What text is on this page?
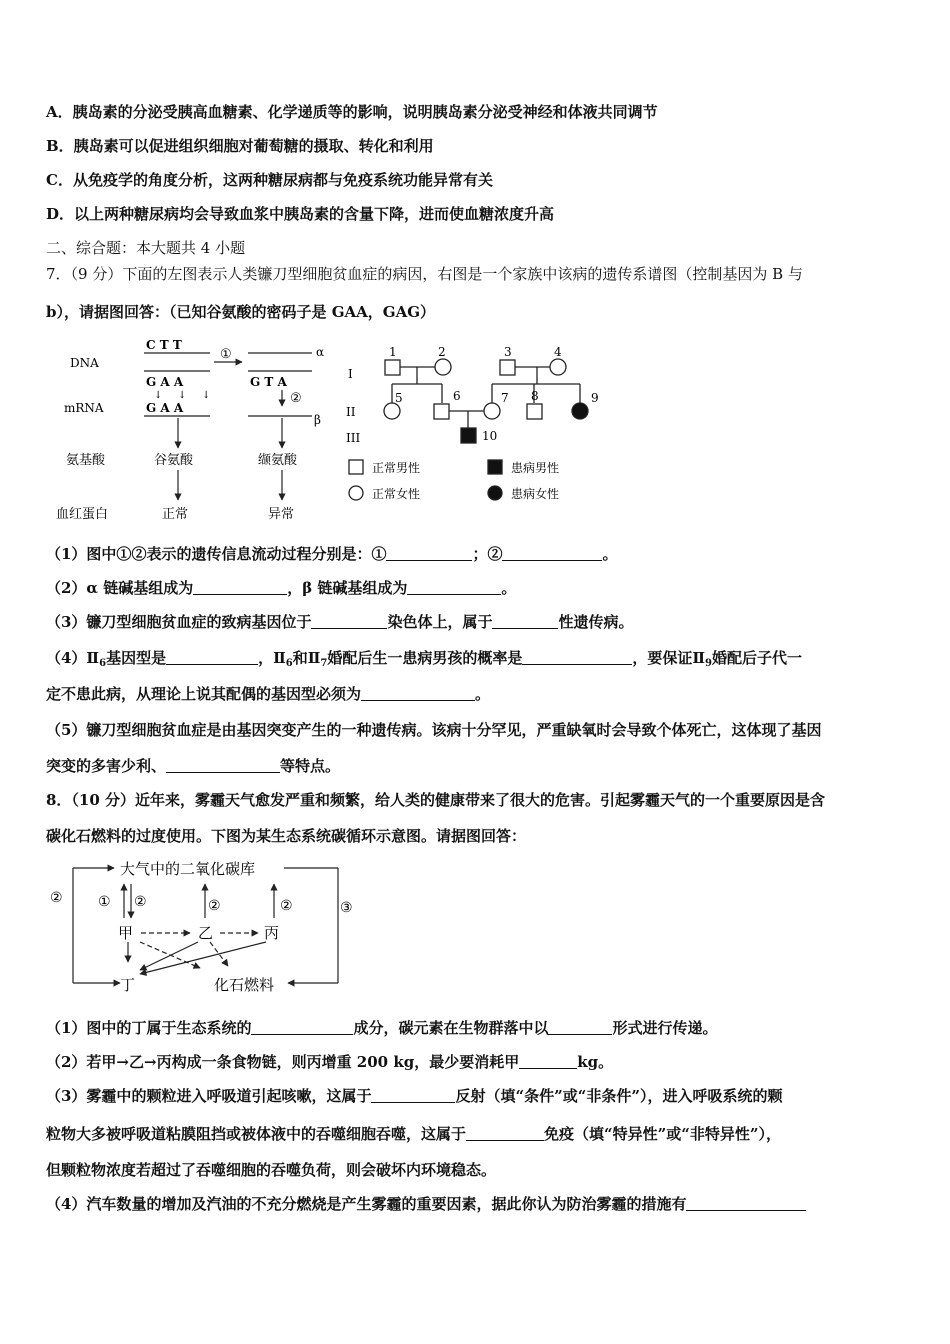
A．胰岛素的分泌受胰高血糖素、化学递质等的影响，说明胰岛素分泌受神经和体液共同调节
B．胰岛素可以促进组织细胞对葡萄糖的摄取、转化和利用
C．从免疫学的角度分析，这两种糖尿病都与免疫系统功能异常有关
D．以上两种糖尿病均会导致血浆中胰岛素的含量下降，进而使血糖浓度升高
二、综合题：本大题共 4 小题
7．（9 分）下面的左图表示人类镰刀型细胞贫血症的病因，右图是一个家族中该病的遗传系谱图（控制基因为 B 与
b），请据图回答：（已知谷氨酸的密码子是 GAA，GAG）
DNA
mRNA
氨基酸
血红蛋白
C T T
G A A
↓ ↓ ↓
G A A
谷氨酸
正常
①	α
G T A
②
β
缬氨酸
异常
I
II
III
1	2	3	4
5	6	7 8	9
10
正常男性	患病男性
正常女性	患病女性
（1）图中①②表示的遗传信息流动过程分别是：①	；②	。
（2）α 链碱基组成为	，β 链碱基组成为	。
（3）镰刀型细胞贫血症的致病基因位于	染色体上，属于	性遗传病。
$(4)Ⅱ_6$基因型是	，$Ⅱ_6$和$Ⅱ_7$婚配后生一患病男孩的概率是	，要保证$Ⅱ_9$婚配后子代一
定不患此病，从理论上说其配偶的基因型必须为	。
（5）镰刀型细胞贫血症是由基因突变产生的一种遗传病。该病十分罕见，严重缺氧时会导致个体死亡，这体现了基因
突变的多害少利、	等特点。
8．（10 分）近年来，雾霾天气愈发严重和频繁，给人类的健康带来了很大的危害。引起雾霾天气的一个重要原因是含
碳化石燃料的过度使用。下图为某生态系统碳循环示意图。请据图回答：
大气中的二氧化碳库
甲	乙	丙
丁	化石燃料
②	① ②	②	②	③
（1）图中的丁属于生态系统的	成分，碳元素在生物群落中以	形式进行传递。
（2）若甲→乙→丙构成一条食物链，则丙增重 200 kg，最少要消耗甲	kg。
（3）雾霾中的颗粒进入呼吸道引起咳嗽，这属于	反射（填“条件”或“非条件”），进入呼吸系统的颗
粒物大多被呼吸道粘膜阻挡或被体液中的吞噬细胞吞噬，这属于	免疫（填“特异性”或“非特异性”），
但颗粒物浓度若超过了吞噬细胞的吞噬负荷，则会破坏内环境稳态。
（4）汽车数量的增加及汽油的不充分燃烧是产生雾霾的重要因素，据此你认为防治雾霾的措施有
